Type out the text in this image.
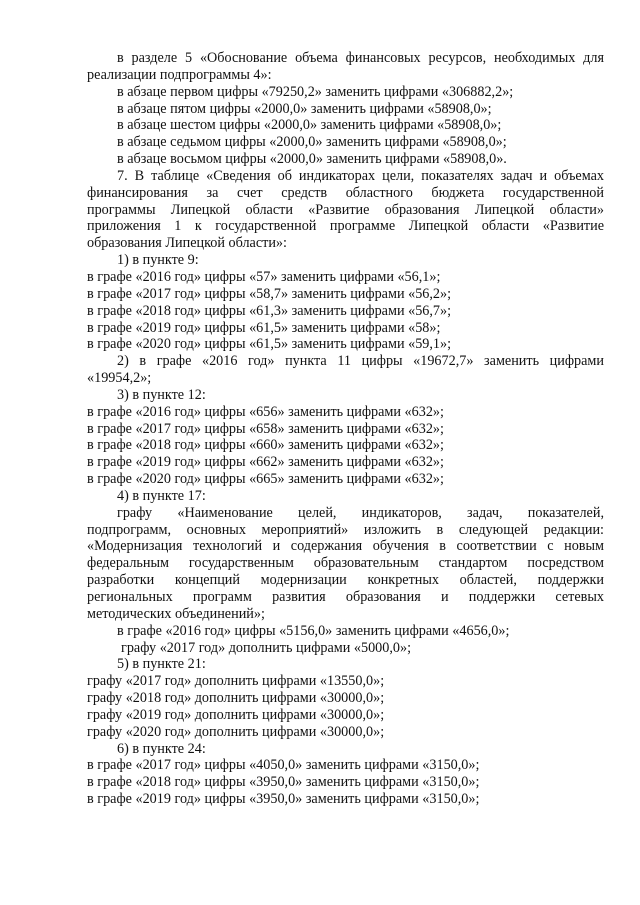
в разделе 5 «Обоснование объема финансовых ресурсов, необходимых для

реализации подпрограммы 4»:

в абзаце первом цифры «79250,2» заменить цифрами «306882,2»;

в абзаце пятом цифры «2000,0» заменить цифрами «58908,0»;

в абзаце шестом цифры «2000,0» заменить цифрами «58908,0»;

в абзаце седьмом цифры «2000,0» заменить цифрами «58908,0»;

в абзаце восьмом цифры «2000,0» заменить цифрами «58908,0».

7. В таблице «Сведения об индикаторах цели, показателях задач и объемах

финансирования за счет средств областного бюджета государственной

программы Липецкой области «Развитие образования Липецкой области»

приложения 1 к государственной программе Липецкой области «Развитие

образования Липецкой области»:

1) в пункте 9:

в графе «2016 год» цифры «57» заменить цифрами «56,1»;

в графе «2017 год» цифры «58,7» заменить цифрами «56,2»;

в графе «2018 год» цифры «61,3» заменить цифрами «56,7»;

в графе «2019 год» цифры «61,5» заменить цифрами «58»;

в графе «2020 год» цифры «61,5» заменить цифрами «59,1»;

2) в графе «2016 год» пункта 11 цифры «19672,7» заменить цифрами

«19954,2»;

3) в пункте 12:

в графе «2016 год» цифры «656» заменить цифрами «632»;

в графе «2017 год» цифры «658» заменить цифрами «632»;

в графе «2018 год» цифры «660» заменить цифрами «632»;

в графе «2019 год» цифры «662» заменить цифрами «632»;

в графе «2020 год» цифры «665» заменить цифрами «632»;

4) в пункте 17:

графу «Наименование целей, индикаторов, задач, показателей,

подпрограмм, основных мероприятий» изложить в следующей редакции:

«Модернизация технологий и содержания обучения в соответствии с новым

федеральным государственным образовательным стандартом посредством

разработки концепций модернизации конкретных областей, поддержки

региональных программ развития образования и поддержки сетевых

методических объединений»;

в графе «2016 год» цифры «5156,0» заменить цифрами «4656,0»;

графу «2017 год» дополнить цифрами «5000,0»;

5) в пункте 21:

графу «2017 год» дополнить цифрами «13550,0»;

графу «2018 год» дополнить цифрами «30000,0»;

графу «2019 год» дополнить цифрами «30000,0»;

графу «2020 год» дополнить цифрами «30000,0»;

6) в пункте 24:

в графе «2017 год» цифры «4050,0» заменить цифрами «3150,0»;

в графе «2018 год» цифры «3950,0» заменить цифрами «3150,0»;

в графе «2019 год» цифры «3950,0» заменить цифрами «3150,0»;
